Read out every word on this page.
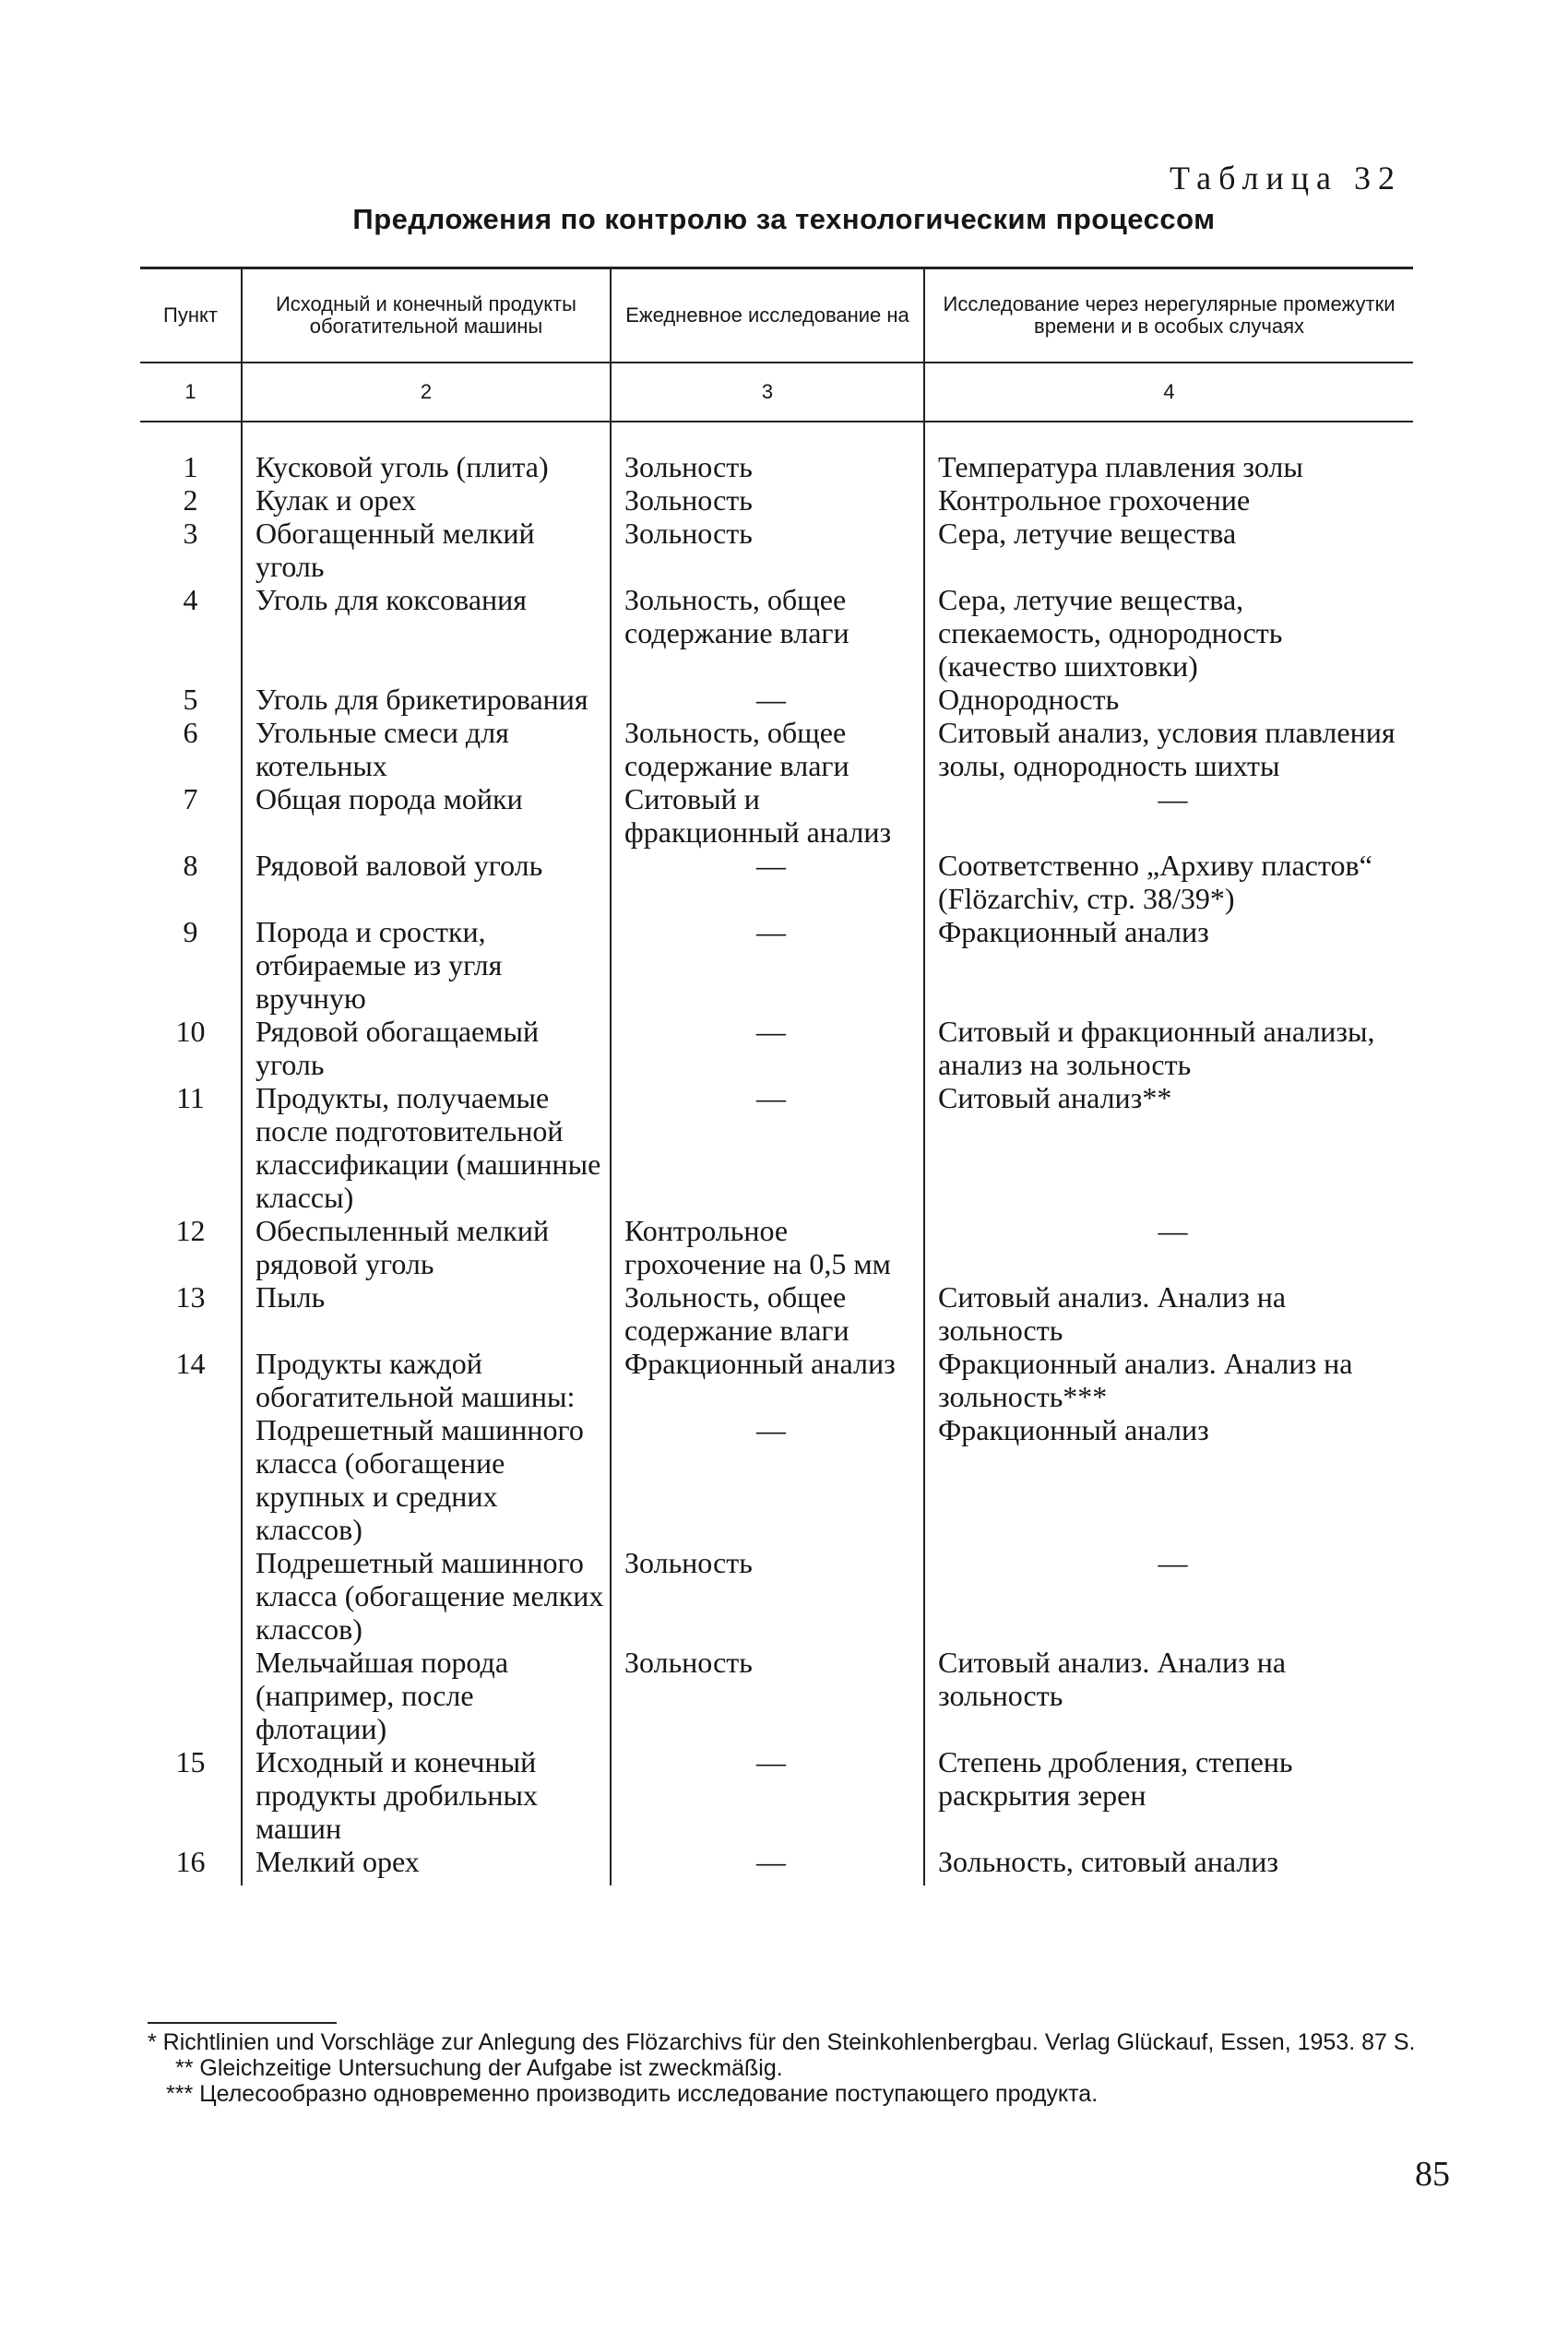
Таблица 32
Предложения по контролю за технологическим процессом
Пункт	Исходный и конечный продукты обогатительной машины	Ежедневное исследование на	Исследование через нерегулярные промежутки времени и в особых случаях
1	2	3	4

1	Кусковой уголь (плита)	Зольность	Температура плавления золы
2	Кулак и орех	Зольность	Контрольное грохочение
3	Обогащенный мелкий уголь	Зольность	Сера, летучие вещества
4	Уголь для коксования	Зольность, общее содержание влаги	Сера, летучие вещества, спекаемость, однородность (качество шихтовки)
5	Уголь для брикетирования	—	Однородность
6	Угольные смеси для котельных	Зольность, общее содержание влаги	Ситовый анализ, условия плавления золы, однородность шихты
7	Общая порода мойки	Ситовый и фракционный анализ	—
8	Рядовой валовой уголь	—	Соответственно „Архиву пластов“ (Flözarchiv, стр. 38/39*)
9	Порода и сростки, отбираемые из угля вручную	—	Фракционный анализ
10	Рядовой обогащаемый уголь	—	Ситовый и фракционный анализы, анализ на зольность
11	Продукты, получаемые после подготовительной классификации (машинные классы)	—	Ситовый анализ**
12	Обеспыленный мелкий рядовой уголь	Контрольное грохочение на 0,5 мм	—
13	Пыль	Зольность, общее содержание влаги	Ситовый анализ. Анализ на зольность
14	Продукты каждой обогатительной машины:	Фракционный анализ	Фракционный анализ. Анализ на зольность***
	Подрешетный машинного класса (обогащение крупных и средних классов)	—	Фракционный анализ
	Подрешетный машинного класса (обогащение мелких классов)	Зольность	—
	Мельчайшая порода (например, после флотации)	Зольность	Ситовый анализ. Анализ на зольность
15	Исходный и конечный продукты дробильных машин	—	Степень дробления, степень раскрытия зерен
16	Мелкий орех	—	Зольность, ситовый анализ

* Richtlinien und Vorschläge zur Anlegung des Flözarchivs für den Steinkohlenbergbau. Verlag Glückauf, Essen, 1953. 87 S.

** Gleichzeitige Untersuchung der Aufgabe ist zweckmäßig.

*** Целесообразно одновременно производить исследование поступающего продукта.

85
